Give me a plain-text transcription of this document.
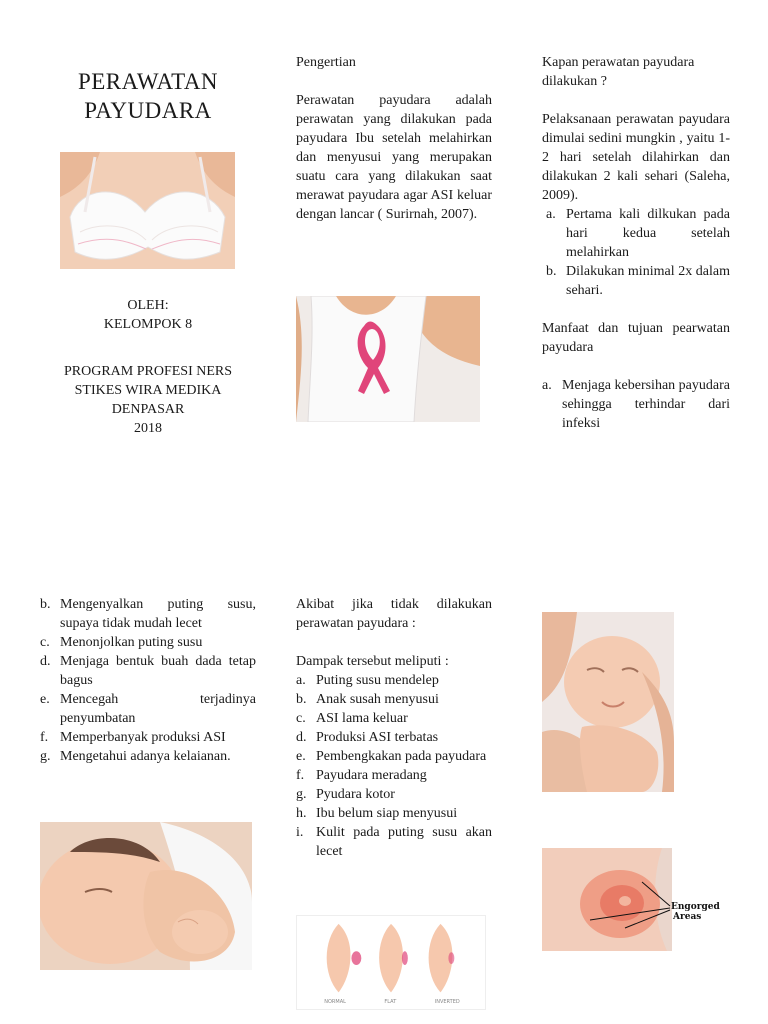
PERAWATAN
PAYUDARA
OLEH:
KELOMPOK 8
PROGRAM PROFESI NERS
STIKES WIRA MEDIKA
DENPASAR
2018

Pengertian

Perawatan payudara adalah perawatan yang dilakukan pada payudara Ibu setelah melahirkan dan menyusui yang merupakan suatu cara yang dilakukan saat merawat payudara agar ASI keluar dengan lancar ( Surirnah, 2007).

Kapan perawatan payudara dilakukan ?

Pelaksanaan perawatan payudara dimulai sedini mungkin , yaitu 1-2 hari setelah dilahirkan dan dilakukan 2 kali sehari (Saleha, 2009).

a. Pertama kali dilkukan pada hari kedua setelah melahirkan
b. Dilakukan minimal 2x dalam sehari.

Manfaat dan tujuan pearwatan payudara

a. Menjaga kebersihan payudara sehingga terhindar dari infeksi
b. Mengenyalkan puting susu, supaya tidak mudah lecet
c. Menonjolkan puting susu
d. Menjaga bentuk buah dada tetap bagus
e. Mencegah terjadinya penyumbatan
f. Memperbanyak produksi ASI
g. Mengetahui adanya kelaianan.

Akibat jika tidak dilakukan perawatan payudara :

Dampak tersebut meliputi :

a. Puting susu mendelep
b. Anak susah menyusui
c. ASI lama keluar
d. Produksi ASI terbatas
e. Pembengkakan pada payudara
f. Payudara meradang
g. Pyudara kotor
h. Ibu belum siap menyusui
i. Kulit pada puting susu akan lecet
NORMAL	FLAT	INVERTED
Engorged
Areas
